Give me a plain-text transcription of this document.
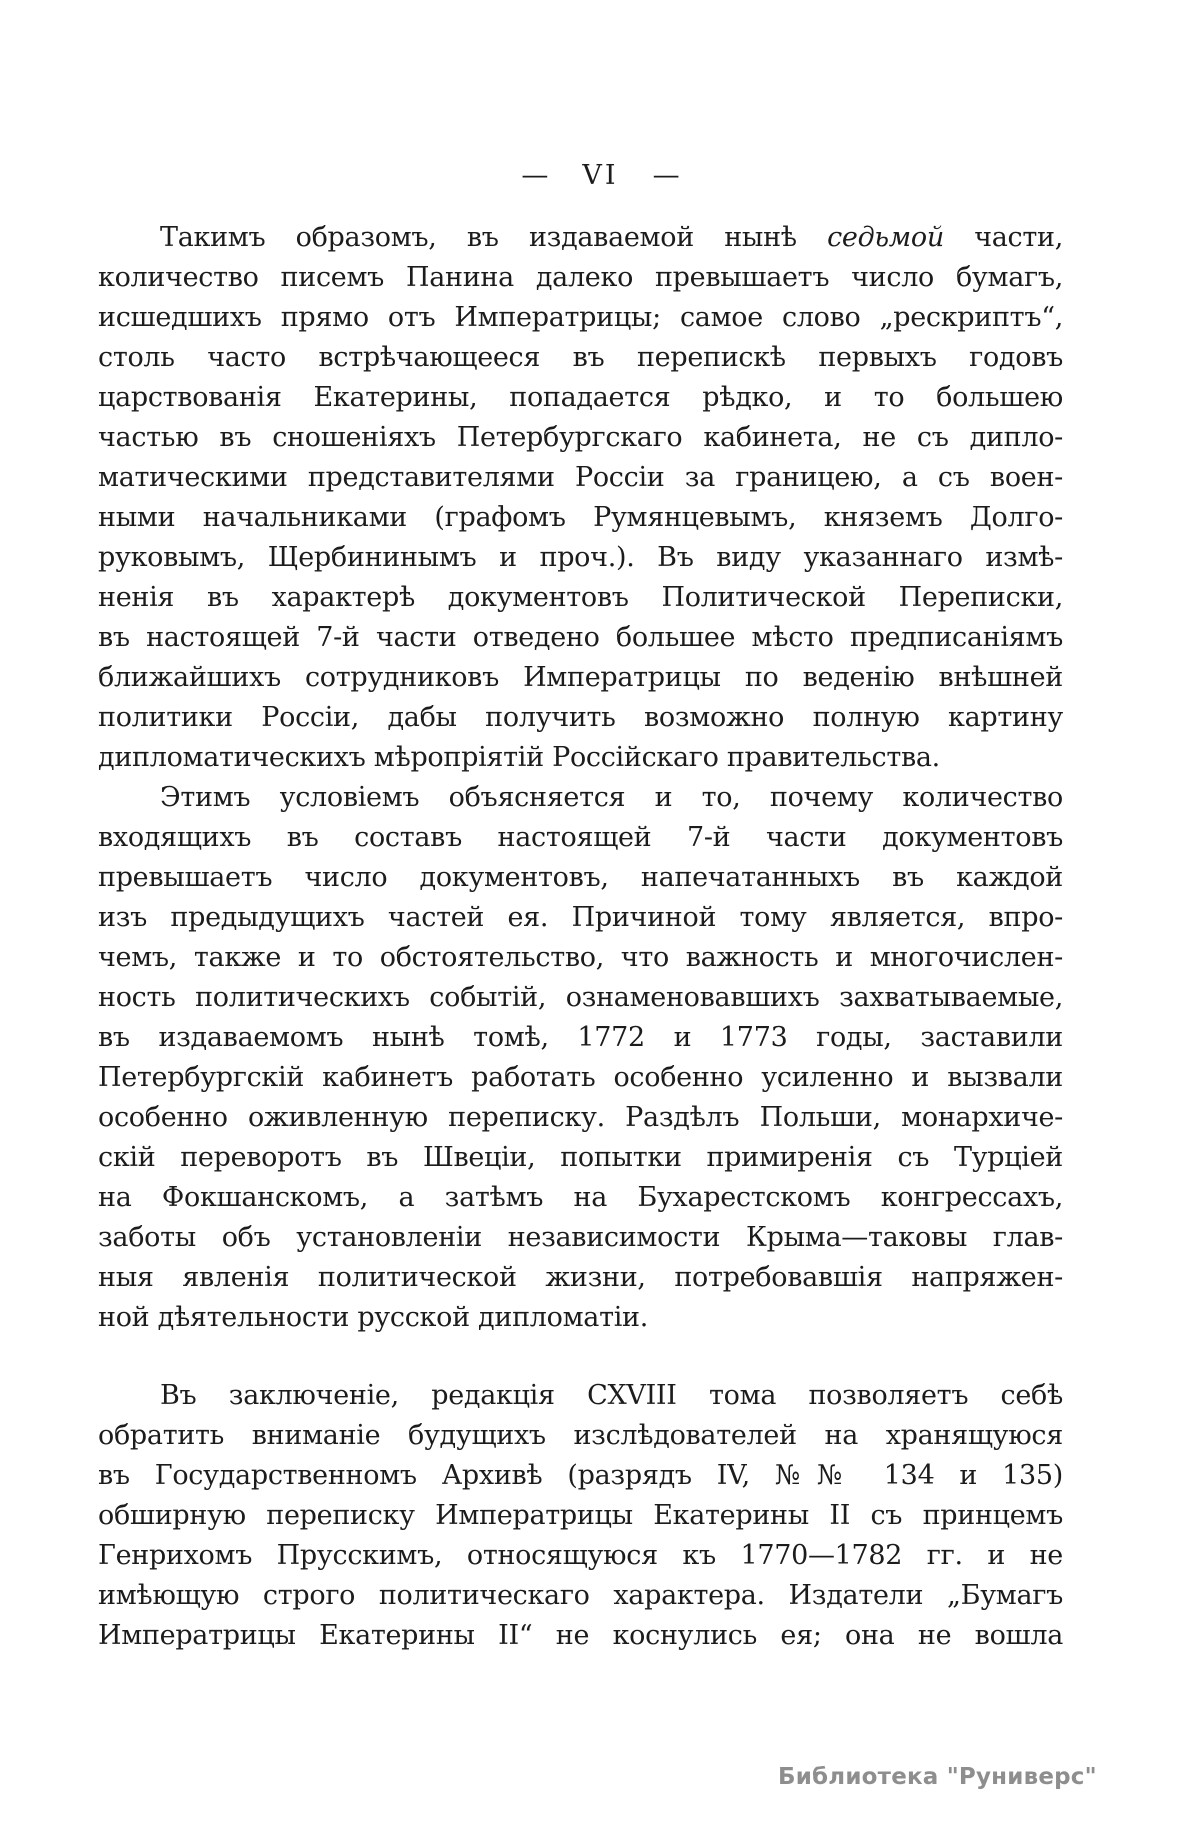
— VI —
Такимъ образомъ, въ издаваемой нынѣ седьмой части,
количество писемъ Панина далеко превышаетъ число бумагъ,
исшедшихъ прямо отъ Императрицы; самое слово „рескриптъ“,
столь часто встрѣчающееся въ перепискѣ первыхъ годовъ
царствованія Екатерины, попадается рѣдко, и то большею
частью въ сношеніяхъ Петербургскаго кабинета, не съ дипло-
матическими представителями Россіи за границею, а съ воен-
ными начальниками (графомъ Румянцевымъ, княземъ Долго-
руковымъ, Щербининымъ и проч.). Въ виду указаннаго измѣ-
ненія въ характерѣ документовъ Политической Переписки,
въ настоящей 7-й части отведено большее мѣсто предписаніямъ
ближайшихъ сотрудниковъ Императрицы по веденію внѣшней
политики Россіи, дабы получить возможно полную картину
дипломатическихъ мѣропріятій Россійскаго правительства.
Этимъ условіемъ объясняется и то, почему количество
входящихъ въ составъ настоящей 7-й части документовъ
превышаетъ число документовъ, напечатанныхъ въ каждой
изъ предыдущихъ частей ея. Причиной тому является, впро-
чемъ, также и то обстоятельство, что важность и многочислен-
ность политическихъ событій, ознаменовавшихъ захватываемые,
въ издаваемомъ нынѣ томѣ, 1772 и 1773 годы, заставили
Петербургскій кабинетъ работать особенно усиленно и вызвали
особенно оживленную переписку. Раздѣлъ Польши, монархиче-
скій переворотъ въ Швеціи, попытки примиренія съ Турціей
на Фокшанскомъ, а затѣмъ на Бухарестскомъ конгрессахъ,
заботы объ установленіи независимости Крыма—таковы глав-
ныя явленія политической жизни, потребовавшія напряжен-
ной дѣятельности русской дипломатіи.
Въ заключеніе, редакція CXVIII тома позволяетъ себѣ
обратить вниманіе будущихъ изслѣдователей на хранящуюся
въ Государственномъ Архивѣ (разрядъ IV, №№ 134 и 135)
обширную переписку Императрицы Екатерины II съ принцемъ
Генрихомъ Прусскимъ, относящуюся къ 1770—1782 гг. и не
имѣющую строго политическаго характера. Издатели „Бумагъ
Императрицы Екатерины II“ не коснулись ея; она не вошла
Библиотека "Руниверс"
